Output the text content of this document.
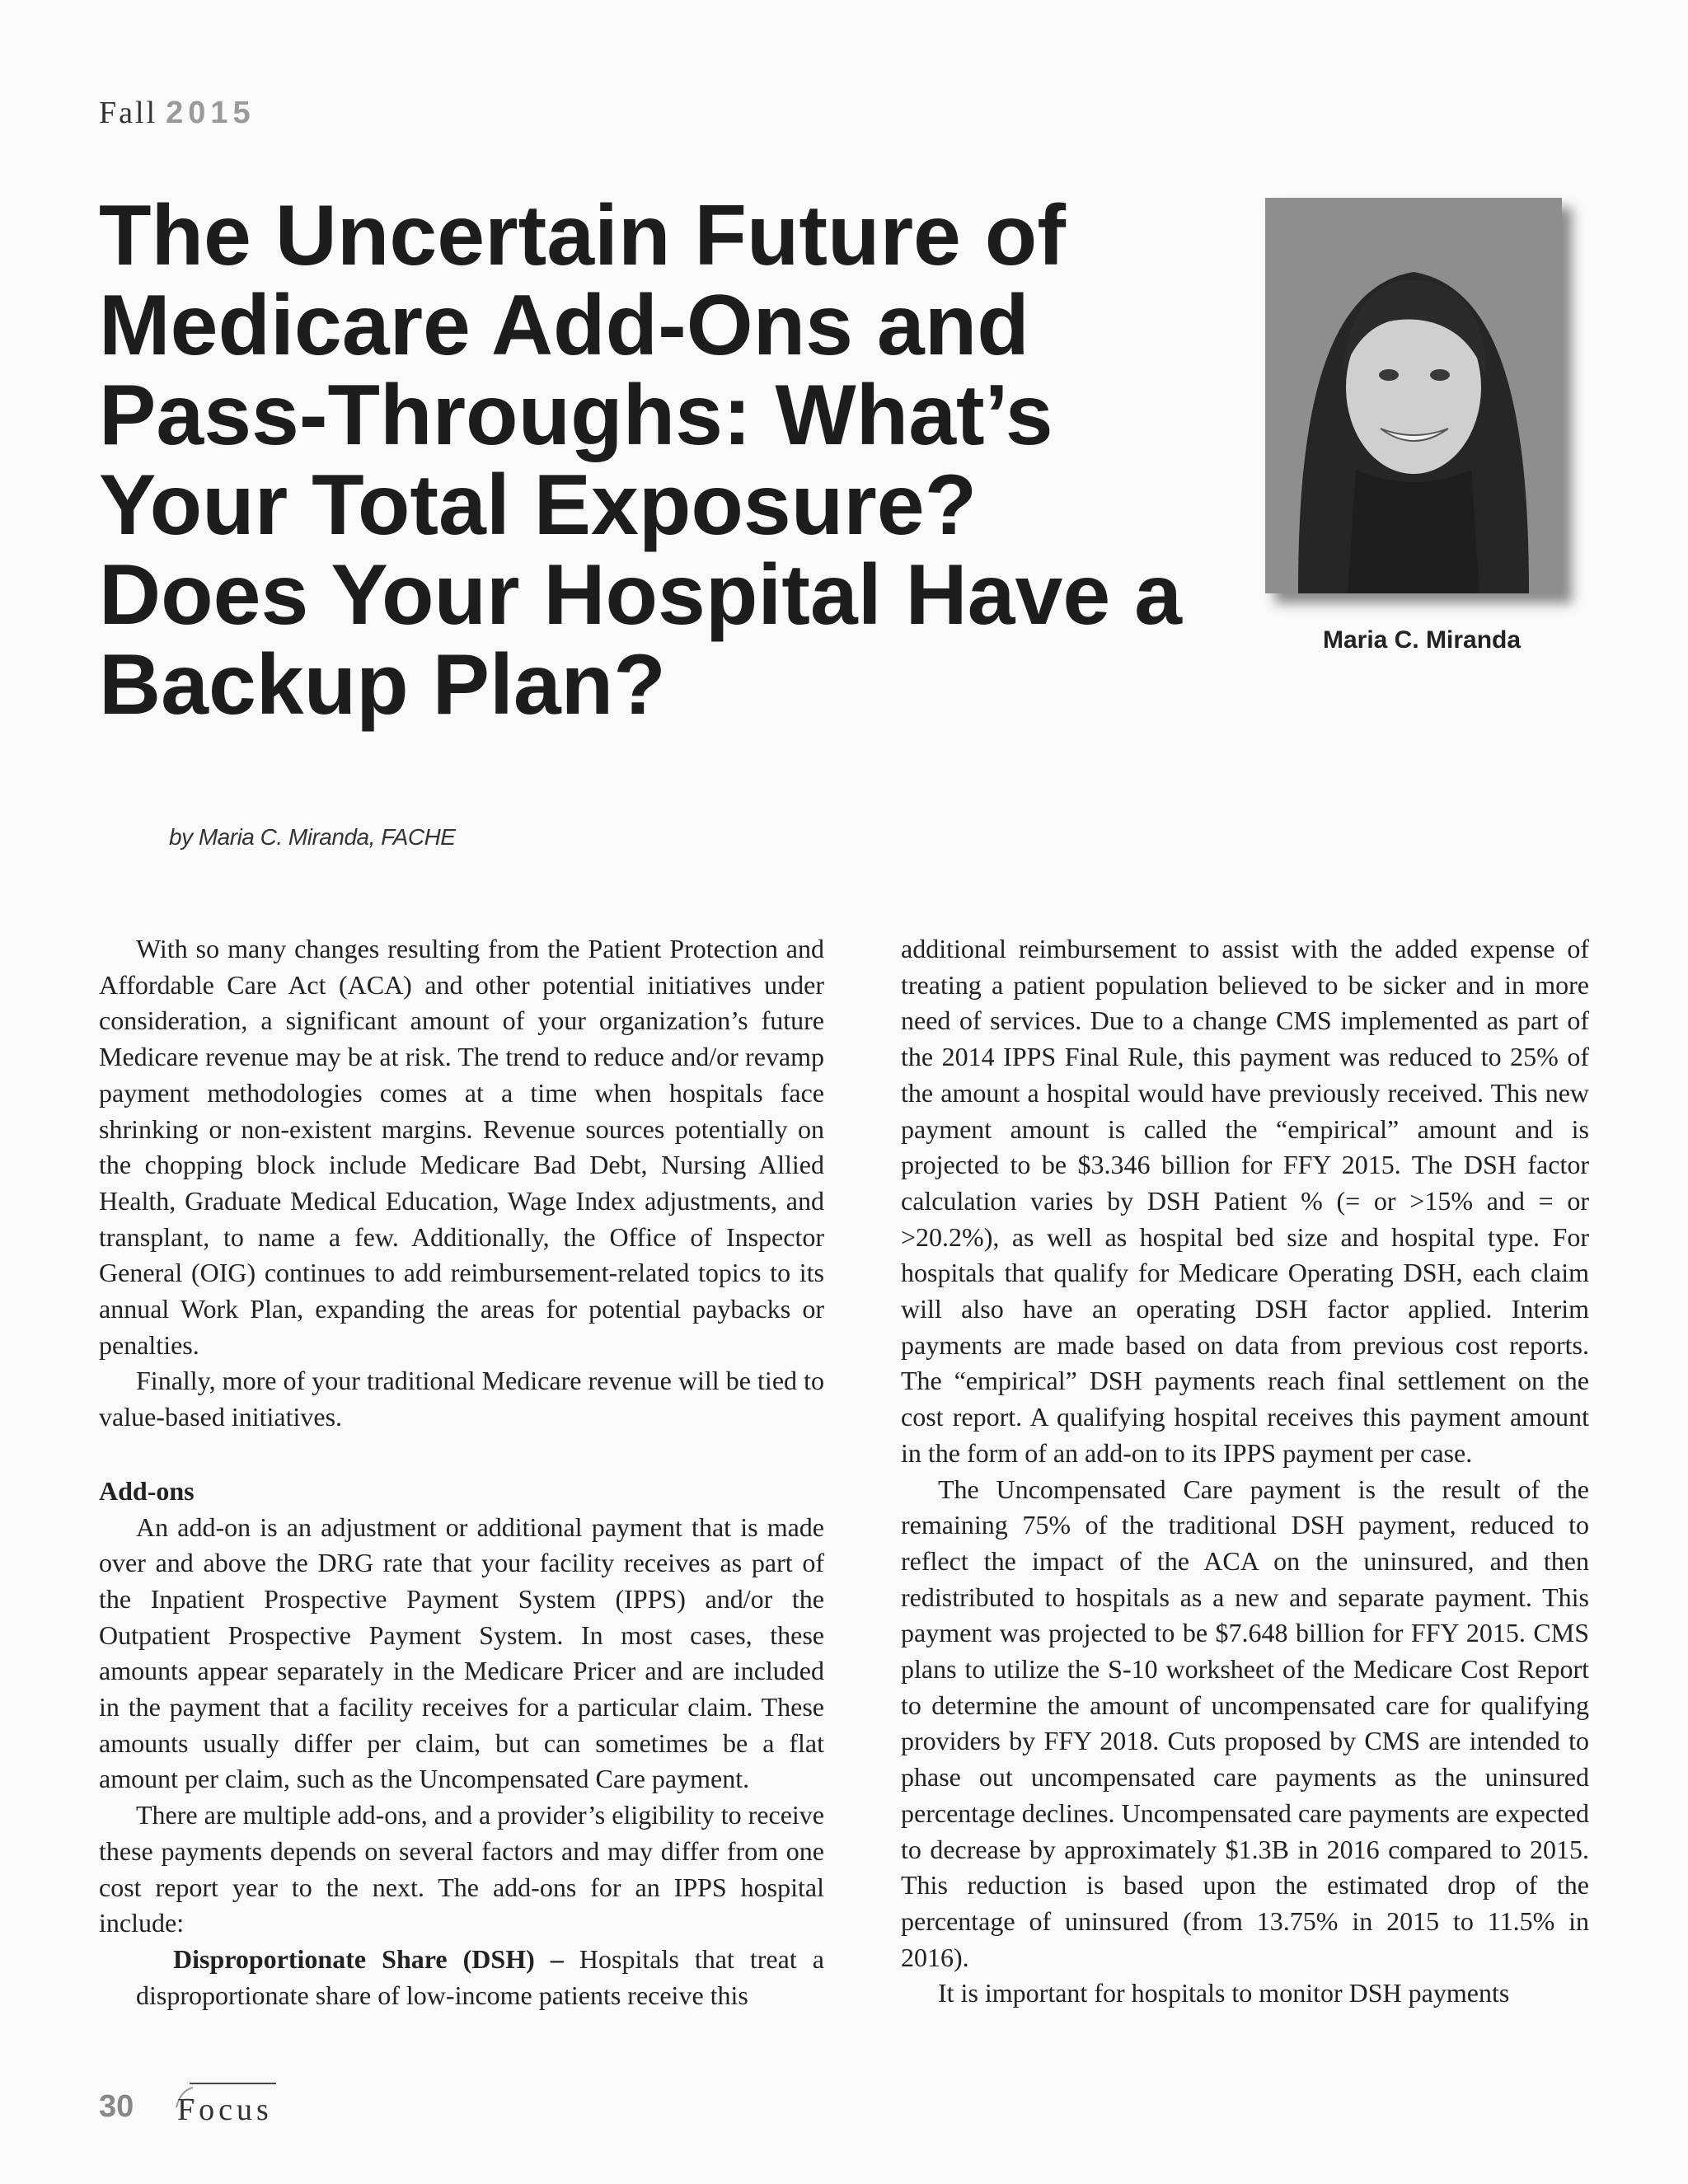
Fall 2015
The Uncertain Future of Medicare Add-Ons and Pass-Throughs: What’s Your Total Exposure? Does Your Hospital Have a Backup Plan?	Maria C. Miranda
by Maria C. Miranda, FACHE

With so many changes resulting from the Patient Protection and Affordable Care Act (ACA) and other potential initiatives under consideration, a significant amount of your organization’s future Medicare revenue may be at risk. The trend to reduce and/or revamp payment methodologies comes at a time when hospitals face shrinking or non-existent margins. Revenue sources potentially on the chopping block include Medicare Bad Debt, Nursing Allied Health, Graduate Medical Education, Wage Index adjustments, and transplant, to name a few. Additionally, the Office of Inspector General (OIG) continues to add reimbursement-related topics to its annual Work Plan, expanding the areas for potential paybacks or penalties.

Finally, more of your traditional Medicare revenue will be tied to value-based initiatives.

Add-ons

An add-on is an adjustment or additional payment that is made over and above the DRG rate that your facility receives as part of the Inpatient Prospective Payment System (IPPS) and/or the Outpatient Prospective Payment System. In most cases, these amounts appear separately in the Medicare Pricer and are included in the payment that a facility receives for a particular claim. These amounts usually differ per claim, but can sometimes be a flat amount per claim, such as the Uncompensated Care payment.

There are multiple add-ons, and a provider’s eligibility to receive these payments depends on several factors and may differ from one cost report year to the next. The add-ons for an IPPS hospital include:

Disproportionate Share (DSH) – Hospitals that treat a disproportionate share of low-income patients receive this

additional reimbursement to assist with the added expense of treating a patient population believed to be sicker and in more need of services. Due to a change CMS implemented as part of the 2014 IPPS Final Rule, this payment was reduced to 25% of the amount a hospital would have previously received. This new payment amount is called the “empirical” amount and is projected to be $3.346 billion for FFY 2015. The DSH factor calculation varies by DSH Patient % (= or >15% and = or >20.2%), as well as hospital bed size and hospital type. For hospitals that qualify for Medicare Operating DSH, each claim will also have an operating DSH factor applied. Interim payments are made based on data from previous cost reports. The “empirical” DSH payments reach final settlement on the cost report. A qualifying hospital receives this payment amount in the form of an add-on to its IPPS payment per case.

The Uncompensated Care payment is the result of the remaining 75% of the traditional DSH payment, reduced to reflect the impact of the ACA on the uninsured, and then redistributed to hospitals as a new and separate payment. This payment was projected to be $7.648 billion for FFY 2015. CMS plans to utilize the S-10 worksheet of the Medicare Cost Report to determine the amount of uncompensated care for qualifying providers by FFY 2018. Cuts proposed by CMS are intended to phase out uncompensated care payments as the uninsured percentage declines. Uncompensated care payments are expected to decrease by approximately $1.3B in 2016 compared to 2015. This reduction is based upon the estimated drop of the percentage of uninsured (from 13.75% in 2015 to 11.5% in 2016).

It is important for hospitals to monitor DSH payments

30 Focus
